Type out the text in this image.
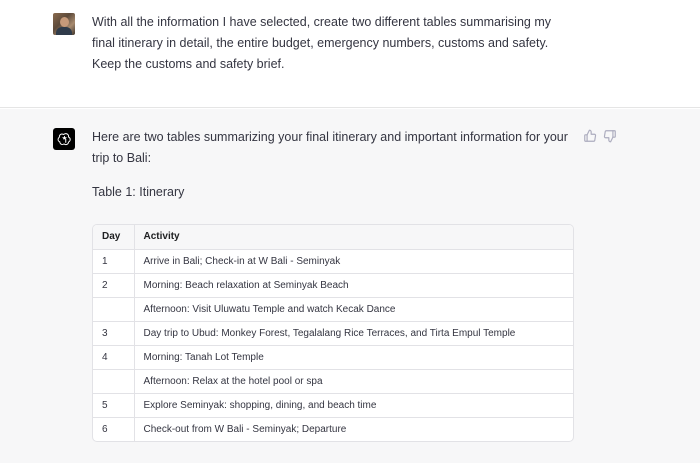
With all the information I have selected, create two different tables summarising my final itinerary in detail, the entire budget, emergency numbers, customs and safety. Keep the customs and safety brief.
Here are two tables summarizing your final itinerary and important information for your trip to Bali:
Table 1: Itinerary
Day	Activity
1	Arrive in Bali; Check-in at W Bali - Seminyak
2	Morning: Beach relaxation at Seminyak Beach
	Afternoon: Visit Uluwatu Temple and watch Kecak Dance
3	Day trip to Ubud: Monkey Forest, Tegalalang Rice Terraces, and Tirta Empul Temple
4	Morning: Tanah Lot Temple
	Afternoon: Relax at the hotel pool or spa
5	Explore Seminyak: shopping, dining, and beach time
6	Check-out from W Bali - Seminyak; Departure
